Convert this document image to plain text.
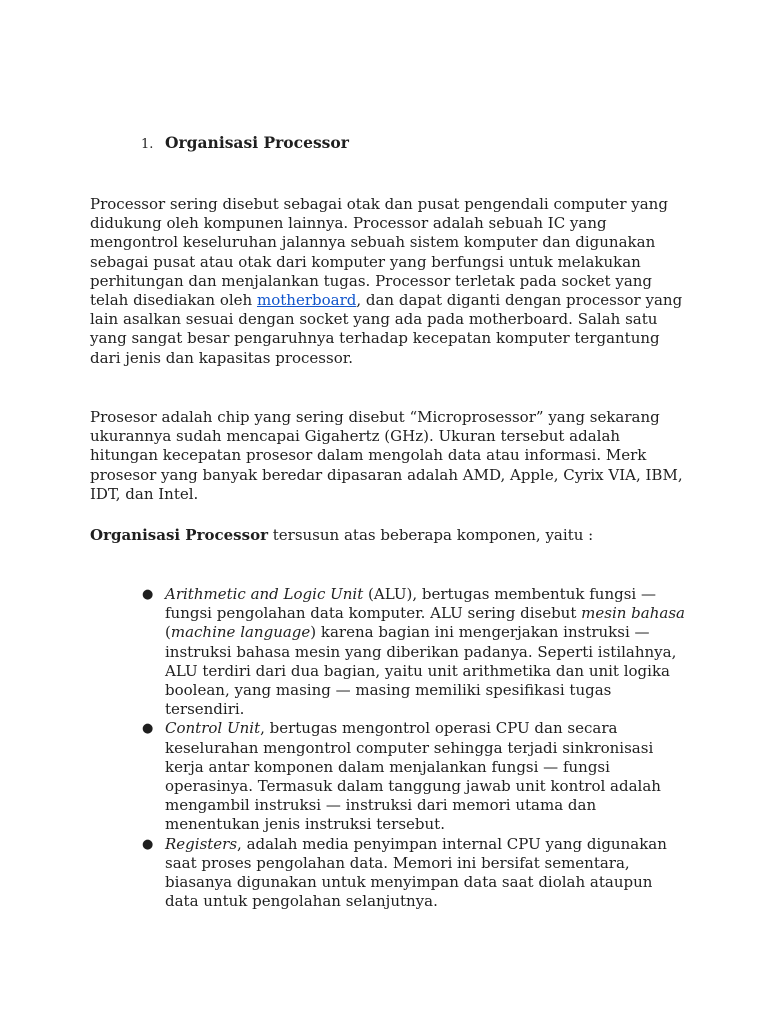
1. Organisasi Processor

Processor sering disebut sebagai otak dan pusat pengendali computer yang didukung oleh kompunen lainnya. Processor adalah sebuah IC yang mengontrol keseluruhan jalannya sebuah sistem komputer dan digunakan sebagai pusat atau otak dari komputer yang berfungsi untuk melakukan perhitungan dan menjalankan tugas. Processor terletak pada socket yang telah disediakan oleh motherboard, dan dapat diganti dengan processor yang lain asalkan sesuai dengan socket yang ada pada motherboard. Salah satu yang sangat besar pengaruhnya terhadap kecepatan komputer tergantung dari jenis dan kapasitas processor.

Prosesor adalah chip yang sering disebut “Microprosessor” yang sekarang ukurannya sudah mencapai Gigahertz (GHz). Ukuran tersebut adalah hitungan kecepatan prosesor dalam mengolah data atau informasi. Merk prosesor yang banyak beredar dipasaran adalah AMD, Apple, Cyrix VIA, IBM, IDT, dan Intel.

Organisasi Processor tersusun atas beberapa komponen, yaitu :

● Arithmetic and Logic Unit (ALU), bertugas membentuk fungsi — fungsi pengolahan data komputer. ALU sering disebut mesin bahasa (machine language) karena bagian ini mengerjakan instruksi — instruksi bahasa mesin yang diberikan padanya. Seperti istilahnya, ALU terdiri dari dua bagian, yaitu unit arithmetika dan unit logika boolean, yang masing — masing memiliki spesifikasi tugas tersendiri.
● Control Unit, bertugas mengontrol operasi CPU dan secara keselurahan mengontrol computer sehingga terjadi sinkronisasi kerja antar komponen dalam menjalankan fungsi — fungsi operasinya. Termasuk dalam tanggung jawab unit kontrol adalah mengambil instruksi — instruksi dari memori utama dan menentukan jenis instruksi tersebut.
● Registers, adalah media penyimpan internal CPU yang digunakan saat proses pengolahan data. Memori ini bersifat sementara, biasanya digunakan untuk menyimpan data saat diolah ataupun data untuk pengolahan selanjutnya.
